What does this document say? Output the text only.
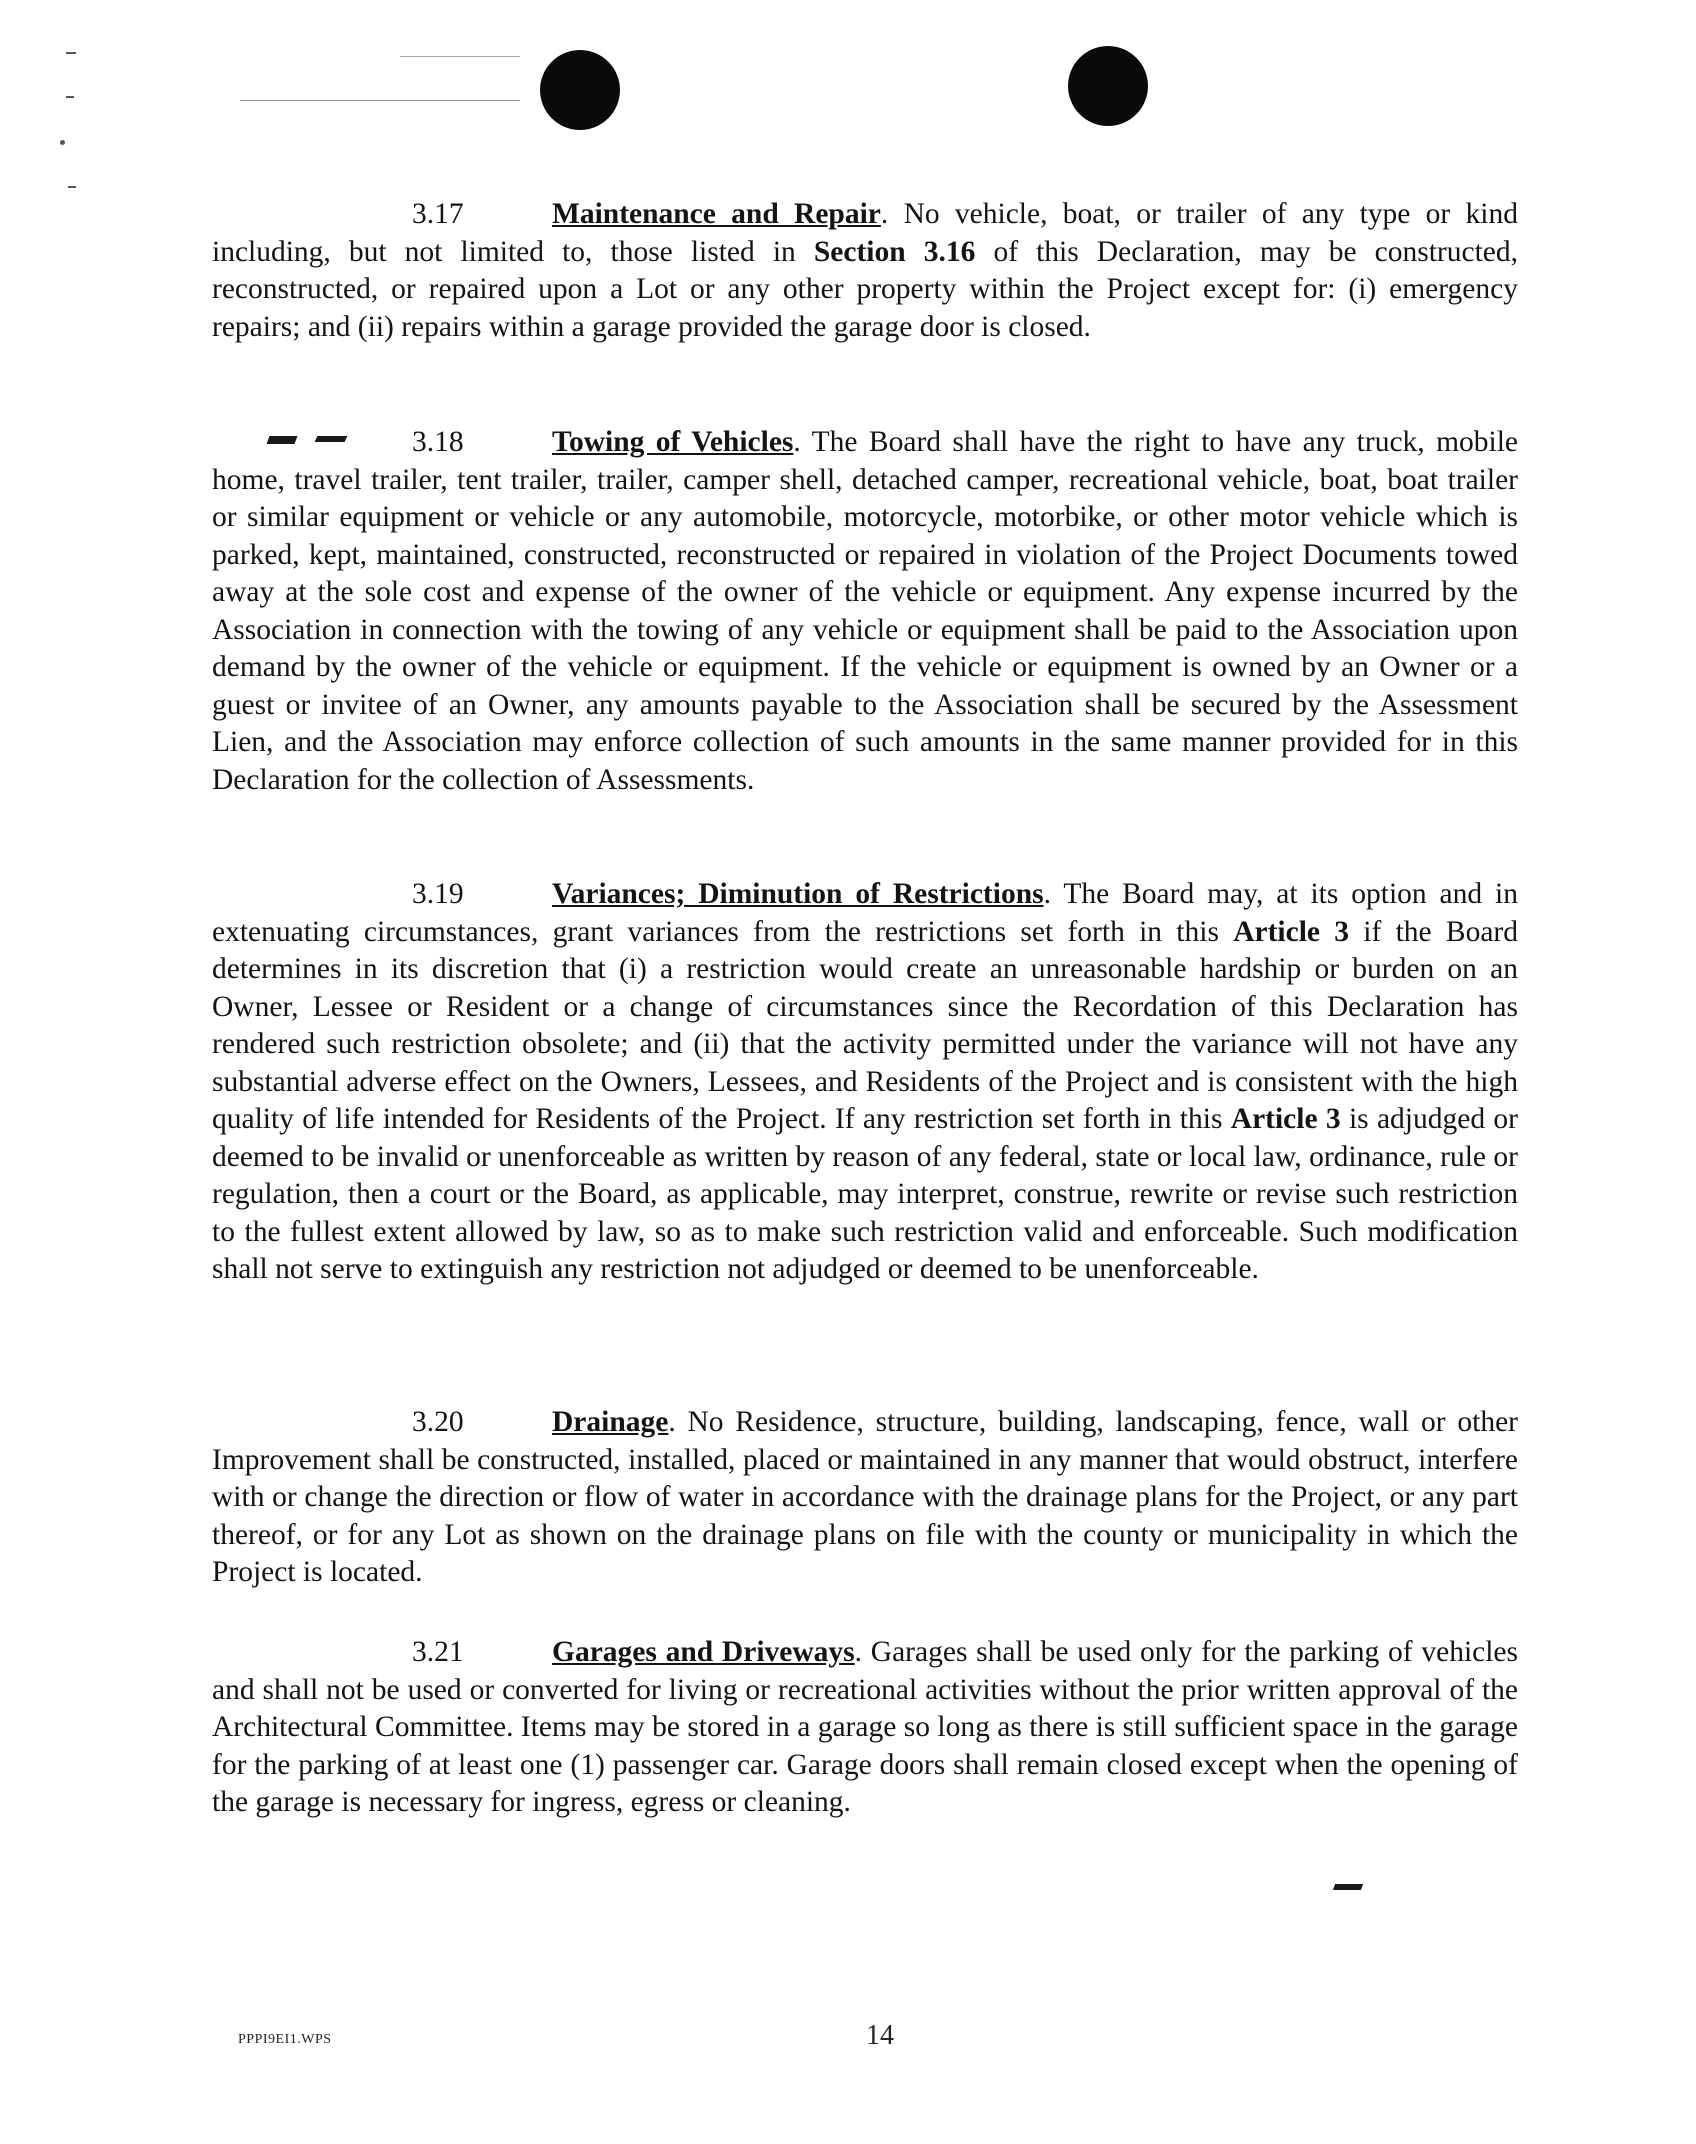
3.17	Maintenance and Repair. No vehicle, boat, or trailer of any type or kind including, but not limited to, those listed in Section 3.16 of this Declaration, may be constructed, reconstructed, or repaired upon a Lot or any other property within the Project except for: (i) emergency repairs; and (ii) repairs within a garage provided the garage door is closed.
3.18	Towing of Vehicles. The Board shall have the right to have any truck, mobile home, travel trailer, tent trailer, trailer, camper shell, detached camper, recreational vehicle, boat, boat trailer or similar equipment or vehicle or any automobile, motorcycle, motorbike, or other motor vehicle which is parked, kept, maintained, constructed, reconstructed or repaired in violation of the Project Documents towed away at the sole cost and expense of the owner of the vehicle or equipment. Any expense incurred by the Association in connection with the towing of any vehicle or equipment shall be paid to the Association upon demand by the owner of the vehicle or equipment. If the vehicle or equipment is owned by an Owner or a guest or invitee of an Owner, any amounts payable to the Association shall be secured by the Assessment Lien, and the Association may enforce collection of such amounts in the same manner provided for in this Declaration for the collection of Assessments.
3.19	Variances; Diminution of Restrictions. The Board may, at its option and in extenuating circumstances, grant variances from the restrictions set forth in this Article 3 if the Board determines in its discretion that (i) a restriction would create an unreasonable hardship or burden on an Owner, Lessee or Resident or a change of circumstances since the Recordation of this Declaration has rendered such restriction obsolete; and (ii) that the activity permitted under the variance will not have any substantial adverse effect on the Owners, Lessees, and Residents of the Project and is consistent with the high quality of life intended for Residents of the Project. If any restriction set forth in this Article 3 is adjudged or deemed to be invalid or unenforceable as written by reason of any federal, state or local law, ordinance, rule or regulation, then a court or the Board, as applicable, may interpret, construe, rewrite or revise such restriction to the fullest extent allowed by law, so as to make such restriction valid and enforceable. Such modification shall not serve to extinguish any restriction not adjudged or deemed to be unenforceable.
3.20	Drainage. No Residence, structure, building, landscaping, fence, wall or other Improvement shall be constructed, installed, placed or maintained in any manner that would obstruct, interfere with or change the direction or flow of water in accordance with the drainage plans for the Project, or any part thereof, or for any Lot as shown on the drainage plans on file with the county or municipality in which the Project is located.
3.21	Garages and Driveways. Garages shall be used only for the parking of vehicles and shall not be used or converted for living or recreational activities without the prior written approval of the Architectural Committee. Items may be stored in a garage so long as there is still sufficient space in the garage for the parking of at least one (1) passenger car. Garage doors shall remain closed except when the opening of the garage is necessary for ingress, egress or cleaning.
PPPI9EI1.WPS	14
